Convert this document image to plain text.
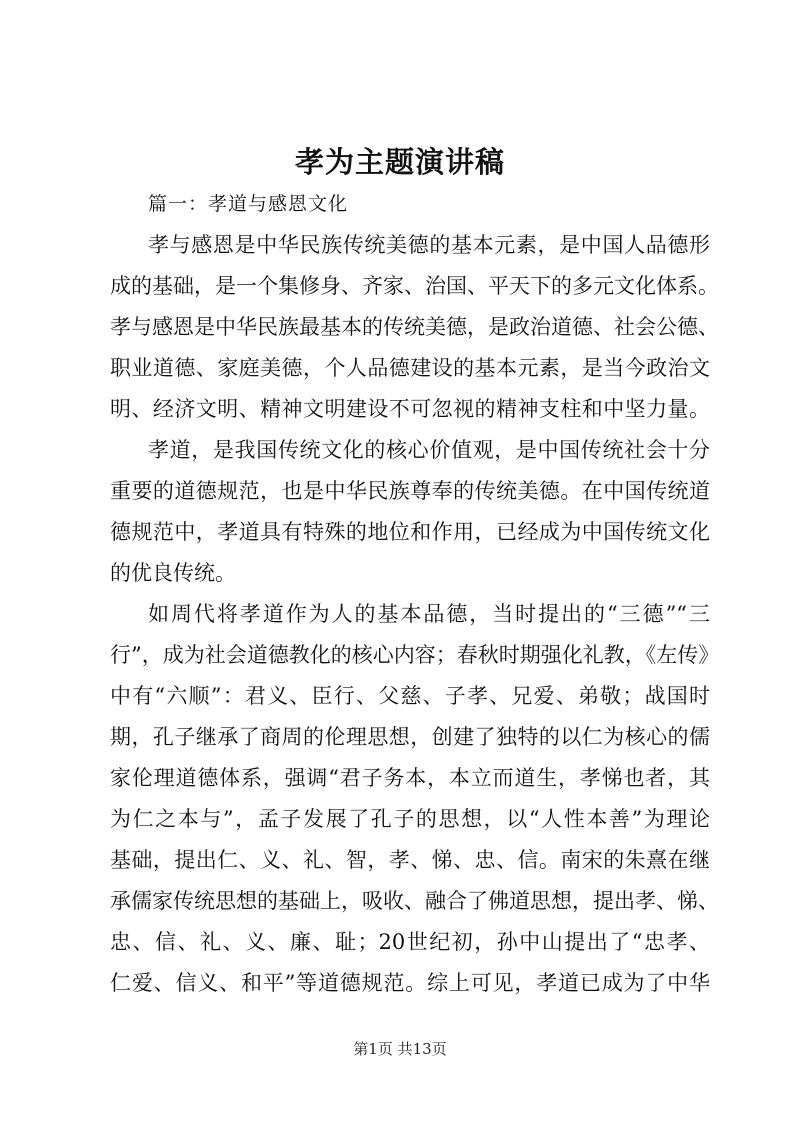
孝为主题演讲稿
篇一：孝道与感恩文化
孝与感恩是中华民族传统美德的基本元素，是中国人品德形
成的基础，是一个集修身、齐家、治国、平天下的多元文化体系。
孝与感恩是中华民族最基本的传统美德，是政治道德、社会公德、
职业道德、家庭美德，个人品德建设的基本元素，是当今政治文
明、经济文明、精神文明建设不可忽视的精神支柱和中坚力量。
孝道，是我国传统文化的核心价值观，是中国传统社会十分
重要的道德规范，也是中华民族尊奉的传统美德。在中国传统道
德规范中，孝道具有特殊的地位和作用，已经成为中国传统文化
的优良传统。
如周代将孝道作为人的基本品德，当时提出的“三德”“三
行”，成为社会道德教化的核心内容；春秋时期强化礼教，《左传》
中有“六顺”：君义、臣行、父慈、子孝、兄爱、弟敬；战国时
期，孔子继承了商周的伦理思想，创建了独特的以仁为核心的儒
家伦理道德体系，强调“君子务本，本立而道生，孝悌也者，其
为仁之本与”，孟子发展了孔子的思想，以“人性本善”为理论
基础，提出仁、义、礼、智，孝、悌、忠、信。南宋的朱熹在继
承儒家传统思想的基础上，吸收、融合了佛道思想，提出孝、悌、
忠、信、礼、义、廉、耻；20世纪初，孙中山提出了“忠孝、
仁爱、信义、和平”等道德规范。综上可见，孝道已成为了中华
第1页 共13页
